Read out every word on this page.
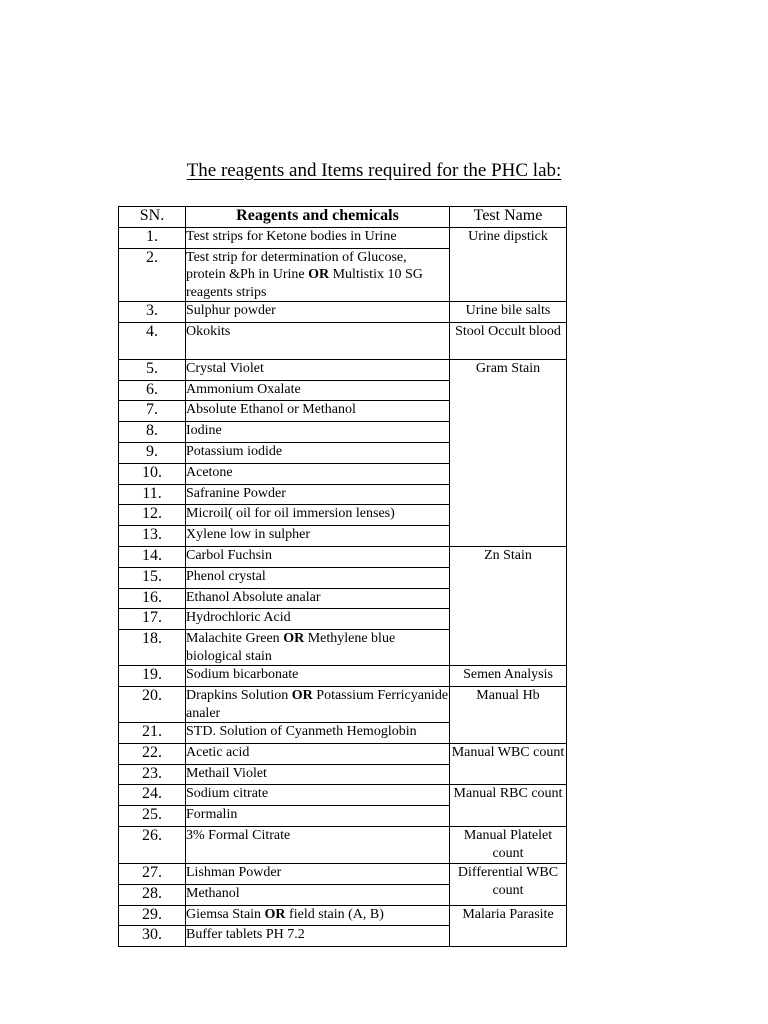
The reagents and Items required for the PHC lab:
SN.	Reagents and chemicals	Test Name
1.	Test strips for Ketone bodies in Urine	Urine dipstick
2.	Test strip for determination of Glucose, protein &Ph in Urine OR Multistix 10 SG reagents strips	
3.	Sulphur powder	Urine bile salts
4.	Okokits	Stool Occult blood
5.	Crystal Violet	Gram Stain
6.	Ammonium Oxalate	
7.	Absolute Ethanol or Methanol	
8.	Iodine	
9.	Potassium iodide	
10.	Acetone	
11.	Safranine Powder	
12.	Microil( oil for oil immersion lenses)	
13.	Xylene low in sulpher	
14.	Carbol Fuchsin	Zn Stain
15.	Phenol crystal	
16.	Ethanol Absolute analar	
17.	Hydrochloric Acid	
18.	Malachite Green OR Methylene blue biological stain	
19.	Sodium bicarbonate	Semen Analysis
20.	Drapkins Solution OR Potassium Ferricyanide analer	Manual Hb
21.	STD. Solution of Cyanmeth Hemoglobin	
22.	Acetic acid	Manual WBC count
23.	Methail Violet	
24.	Sodium citrate	Manual RBC count
25.	Formalin	
26.	3% Formal Citrate	Manual Platelet count
27.	Lishman Powder	Differential WBC count
28.	Methanol	
29.	Giemsa Stain OR field stain (A, B)	Malaria Parasite
30.	Buffer tablets PH 7.2	
